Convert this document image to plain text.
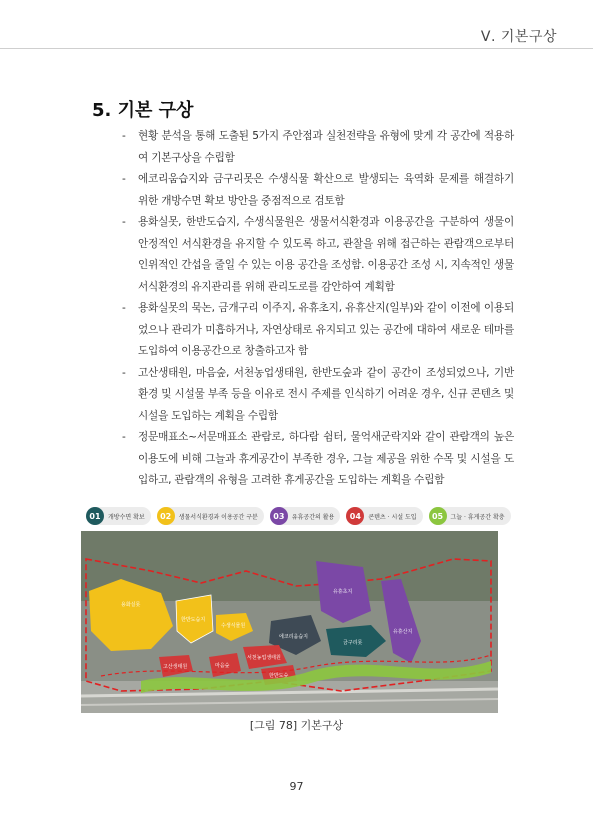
Ⅴ. 기본구상
5. 기본 구상
- 현황 분석을 통해 도출된 5가지 주안점과 실천전략을 유형에 맞게 각 공간에 적용하여 기본구상을 수립함
- 에코리움습지와 금구리못은 수생식물 확산으로 발생되는 육역화 문제를 해결하기 위한 개방수면 확보 방안을 중점적으로 검토함
- 용화실못, 한반도습지, 수생식물원은 생물서식환경과 이용공간을 구분하여 생물이 안정적인 서식환경을 유지할 수 있도록 하고, 관찰을 위해 접근하는 관람객으로부터 인위적인 간섭을 줄일 수 있는 이용 공간을 조성함. 이용공간 조성 시, 지속적인 생물서식환경의 유지관리를 위해 관리도로를 감안하여 계획함
- 용화실못의 묵논, 금개구리 이주지, 유휴초지, 유휴산지(일부)와 같이 이전에 이용되었으나 관리가 미흡하거나, 자연상태로 유지되고 있는 공간에 대하여 새로운 테마를 도입하여 이용공간으로 창출하고자 함
- 고산생태원, 마음숲, 서천농업생태원, 한반도숲과 같이 공간이 조성되었으나, 기반 환경 및 시설물 부족 등을 이유로 전시 주제를 인식하기 어려운 경우, 신규 콘텐츠 및 시설을 도입하는 계획을 수립함
- 정문매표소~서문매표소 관람로, 하다람 쉼터, 물억새군락지와 같이 관람객의 높은 이용도에 비해 그늘과 휴게공간이 부족한 경우, 그늘 제공을 위한 수목 및 시설을 도입하고, 관람객의 유형을 고려한 휴게공간을 도입하는 계획을 수립함
01	개방수면 확보	02	생물서식환경과 이용공간 구분	03	유휴공간의 활용	04	콘텐츠 · 시설 도입	05	그늘 · 휴게공간 확충
용화실못
한반도습지
수생식물원
에코리움습지
금구리못
유휴초지
유휴산지
고산생태원	마음숲
서천농업생태원
한반도숲
[그림 78] 기본구상
97
